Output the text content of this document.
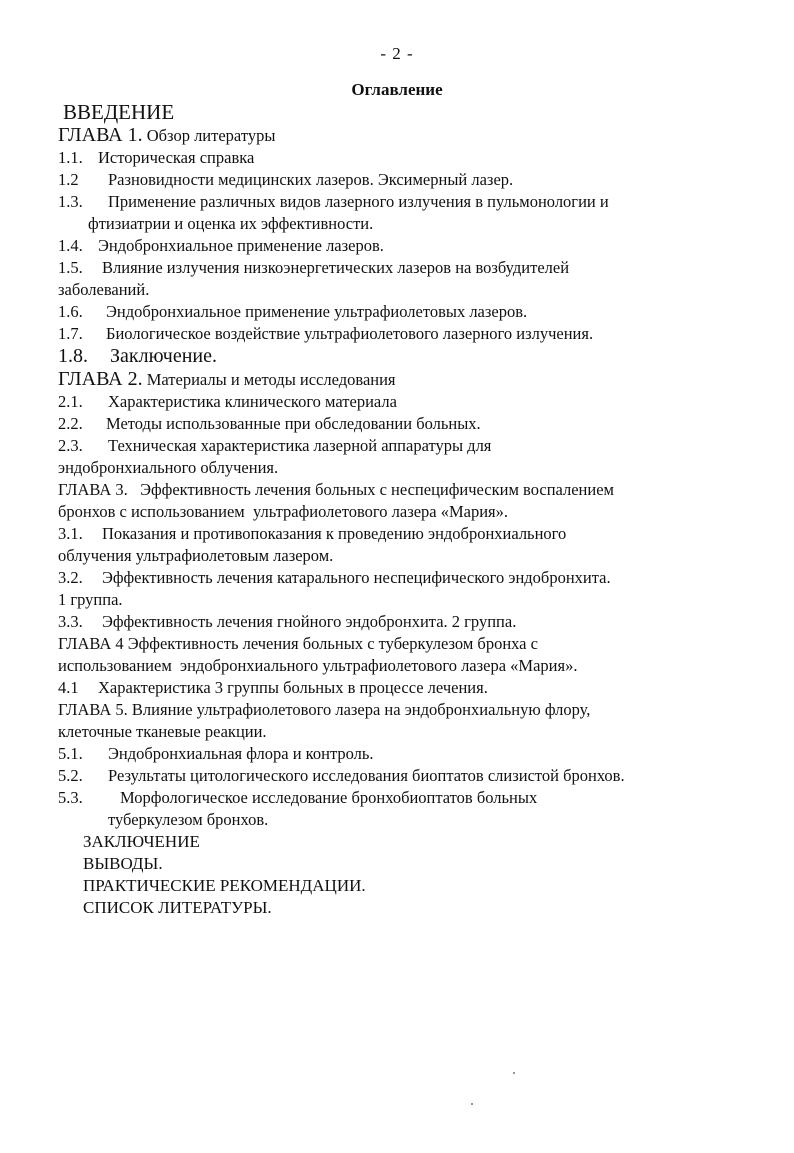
- 2 -
Оглавление
ВВЕДЕНИЕ
ГЛАВА 1. Обзор литературы
1.1. Историческая справка
1.2 Разновидности медицинских лазеров. Эксимерный лазер.
1.3. Применение различных видов лазерного излучения в пульмонологии и
фтизиатрии и оценка их эффективности.
1.4. Эндобронхиальное применение лазеров.
1.5. Влияние излучения низкоэнергетических лазеров на возбудителей
заболеваний.
1.6. Эндобронхиальное применение ультрафиолетовых лазеров.
1.7. Биологическое воздействие ультрафиолетового лазерного излучения.
1.8. Заключение.
ГЛАВА 2. Материалы и методы исследования
2.1. Характеристика клинического материала
2.2. Методы использованные при обследовании больных.
2.3. Техническая характеристика лазерной аппаратуры для
эндобронхиального облучения.
ГЛАВА 3.   Эффективность лечения больных с неспецифическим воспалением
бронхов с использованием  ультрафиолетового лазера «Мария».
3.1. Показания и противопоказания к проведению эндобронхиального
облучения ультрафиолетовым лазером.
3.2. Эффективность лечения катарального неспецифического эндобронхита.
1 группа.
3.3. Эффективность лечения гнойного эндобронхита. 2 группа.
ГЛАВА 4 Эффективность лечения больных с туберкулезом бронха с
использованием  эндобронхиального ультрафиолетового лазера «Мария».
4.1 Характеристика 3 группы больных в процессе лечения.
ГЛАВА 5. Влияние ультрафиолетового лазера на эндобронхиальную флору,
клеточные тканевые реакции.
5.1. Эндобронхиальная флора и контроль.
5.2. Результаты цитологического исследования биоптатов слизистой бронхов.
5.3. Морфологическое исследование бронхобиоптатов больных
туберкулезом бронхов.
ЗАКЛЮЧЕНИЕ
ВЫВОДЫ.
ПРАКТИЧЕСКИЕ РЕКОМЕНДАЦИИ.
СПИСОК ЛИТЕРАТУРЫ.
